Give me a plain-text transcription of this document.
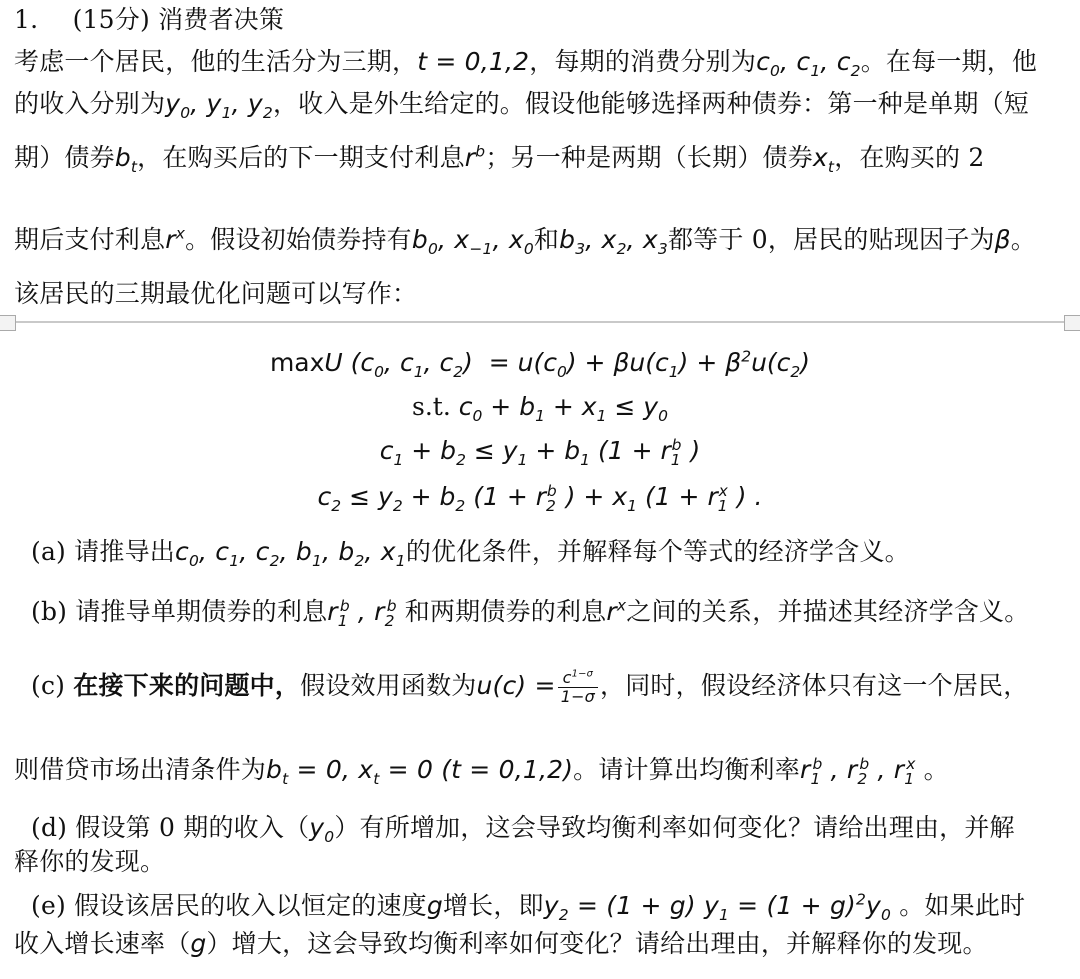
1. (15分) 消费者决策
考虑一个居民，他的生活分为三期，t = 0,1,2，每期的消费分别为$c_0$, $c_1$, $c_2$。在每一期，他
的收入分别为$y_0$, $y_1$, $y_2$，收入是外生给定的。假设他能够选择两种债券：第一种是单期（短
期）债券$b_t$，在购买后的下一期支付利息$r^b$；另一种是两期（长期）债券$x_t$，在购买的 2
期后支付利息$r^x$。假设初始债券持有$b_0$, $x_{-1}$, $x_0$和$b_3$, $x_2$, $x_3$都等于 0，居民的贴现因子为β。
该居民的三期最优化问题可以写作：
maxU ($c_0$, $c_1$, $c_2) = u(c_0) + \beta u(c_1) + \beta^2u(c_2)$
s.t. $c_0 + b_1 + x_1 \le y_0$
$c_1 + b_2 \le y_1 + b_1$ ($1 + r_1^b$ )
$c_2 \le y_2 + b_2$ ($1 + r_2^b$ ) + $x_1$ ($1 + r_1^x$ ) .
(a) 请推导出$c_0$, $c_1$, $c_2$, $b_1$, $b_2$, $x_1$的优化条件，并解释每个等式的经济学含义。
(b) 请推导单期债券的利息$r_1^b$ , $r_2^b$ 和两期债券的利息$r^x$之间的关系，并描述其经济学含义。
(c) 在接下来的问题中，假设效用函数为$u(c) = \frac{c^{1-\sigma}}{1-\sigma}$ ，同时，假设经济体只有这一个居民，
则借贷市场出清条件为$b_t = 0$, $x_t = 0$ (t = 0,1,2)。请计算出均衡利率$r_1^b$ , $r_2^b$ , $r_1^x$ 。
(d) 假设第 0 期的收入$(y_0)$有所增加，这会导致均衡利率如何变化？请给出理由，并解
释你的发现。
(e) 假设该居民的收入以恒定的速度g增长，即$y_2 = (1 + g) y_1 = (1 + g)^2y_0$ 。如果此时
收入增长速率（g）增大，这会导致均衡利率如何变化？请给出理由，并解释你的发现。
